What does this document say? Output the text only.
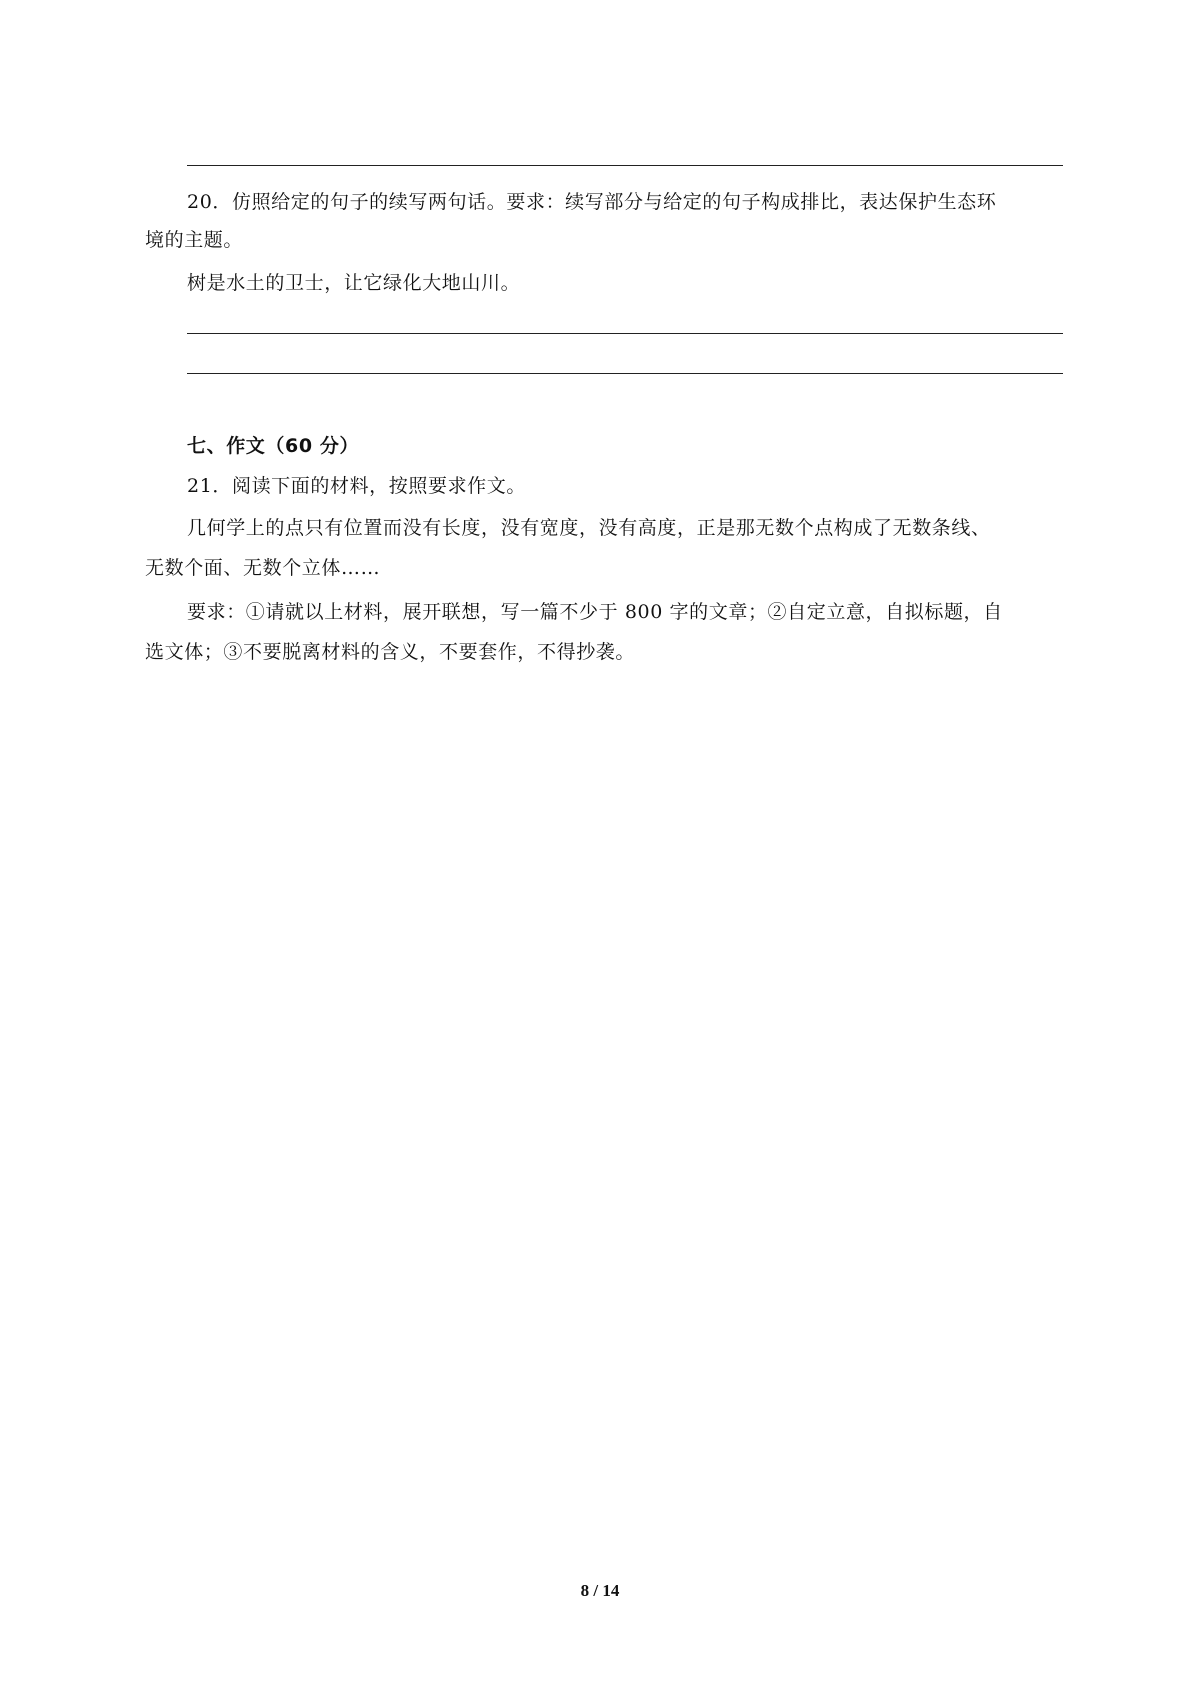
20．仿照给定的句子的续写两句话。要求：续写部分与给定的句子构成排比，表达保护生态环
境的主题。
树是水土的卫士，让它绿化大地山川。
七、作文（60 分）
21．阅读下面的材料，按照要求作文。
几何学上的点只有位置而没有长度，没有宽度，没有高度，正是那无数个点构成了无数条线、
无数个面、无数个立体……
要求：①请就以上材料，展开联想，写一篇不少于 800 字的文章；②自定立意，自拟标题，自
选文体；③不要脱离材料的含义，不要套作，不得抄袭。
8 / 14
